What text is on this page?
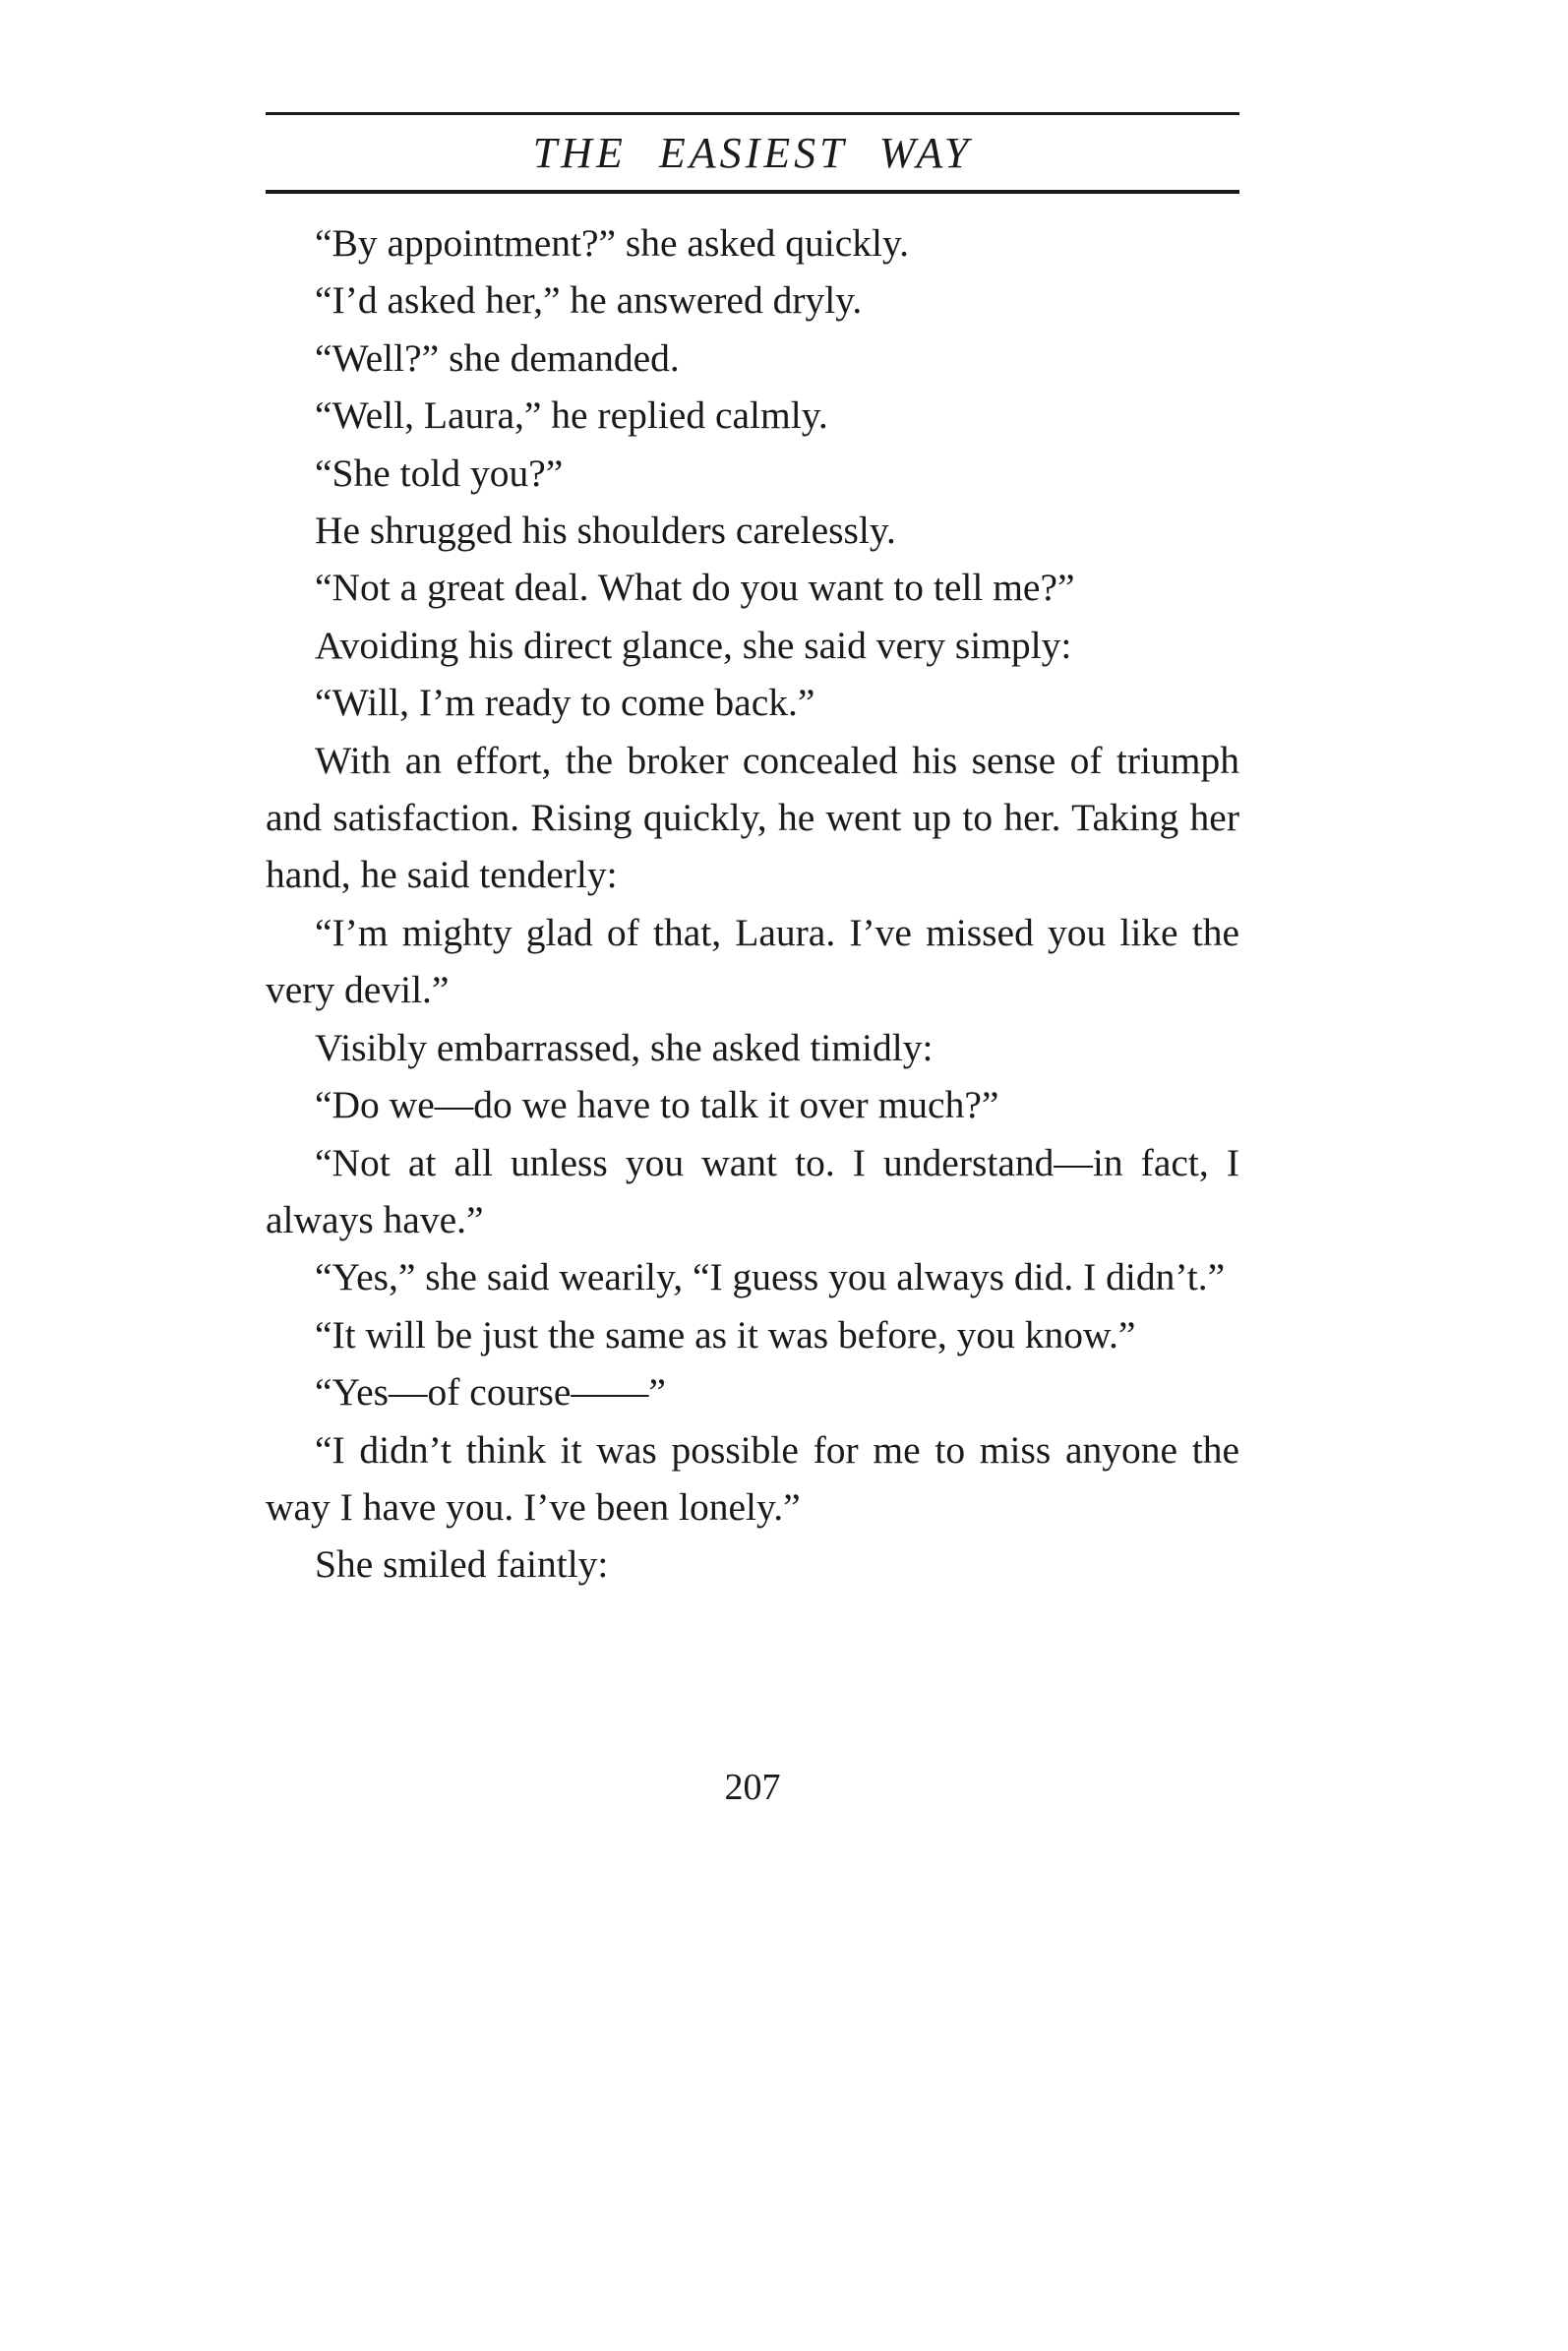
THE EASIEST WAY

“By appointment?” she asked quickly.

“I’d asked her,” he answered dryly.

“Well?” she demanded.

“Well, Laura,” he replied calmly.

“She told you?”

He shrugged his shoulders carelessly.

“Not a great deal. What do you want to tell me?”

Avoiding his direct glance, she said very simply:

“Will, I’m ready to come back.”

With an effort, the broker concealed his sense of triumph and satisfaction. Rising quickly, he went up to her. Taking her hand, he said tenderly:

“I’m mighty glad of that, Laura. I’ve missed you like the very devil.”

Visibly embarrassed, she asked timidly:

“Do we—do we have to talk it over much?”

“Not at all unless you want to. I understand—in fact, I always have.”

“Yes,” she said wearily, “I guess you always did. I didn’t.”

“It will be just the same as it was before, you know.”

“Yes—of course——”

“I didn’t think it was possible for me to miss anyone the way I have you. I’ve been lonely.”

She smiled faintly:

207
